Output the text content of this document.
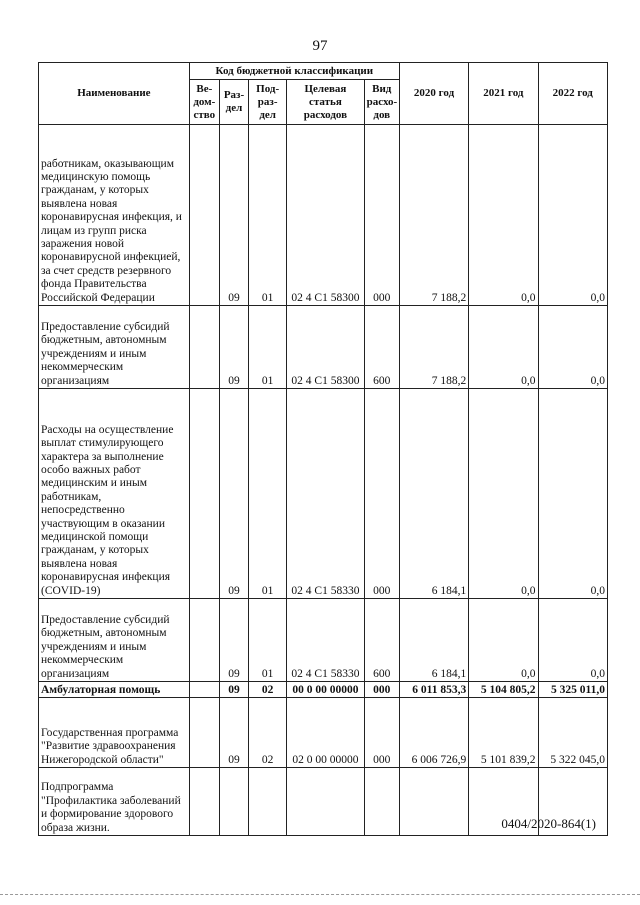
97
Наименование	Код бюджетной классификации					2020 год	2021 год	2022 год
	Ве-дом-ство	Раз-дел	Под-раз-дел	Целевая статья расходов	Вид расхо-дов			
работникам, оказывающим медицинскую помощь гражданам, у которых выявлена новая коронавирусная инфекция, и лицам из групп риска заражения новой коронавирусной инфекцией, за счет средств резервного фонда Правительства Российской Федерации		09	01	02 4 C1 58300	000	7 188,2	0,0	0,0
Предоставление субсидий бюджетным, автономным учреждениям и иным некоммерческим организациям		09	01	02 4 C1 58300	600	7 188,2	0,0	0,0
Расходы на осуществление выплат стимулирующего характера за выполнение особо важных работ медицинским и иным работникам, непосредственно участвующим в оказании медицинской помощи гражданам, у которых выявлена новая коронавирусная инфекция (COVID-19)		09	01	02 4 C1 58330	000	6 184,1	0,0	0,0
Предоставление субсидий бюджетным, автономным учреждениям и иным некоммерческим организациям		09	01	02 4 C1 58330	600	6 184,1	0,0	0,0
Амбулаторная помощь		09	02	00 0 00 00000	000	6 011 853,3	5 104 805,2	5 325 011,0
Государственная программа "Развитие здравоохранения Нижегородской области"		09	02	02 0 00 00000	000	6 006 726,9	5 101 839,2	5 322 045,0
Подпрограмма "Профилактика заболеваний и формирование здорового образа жизни.									0404/2020-864(1)
